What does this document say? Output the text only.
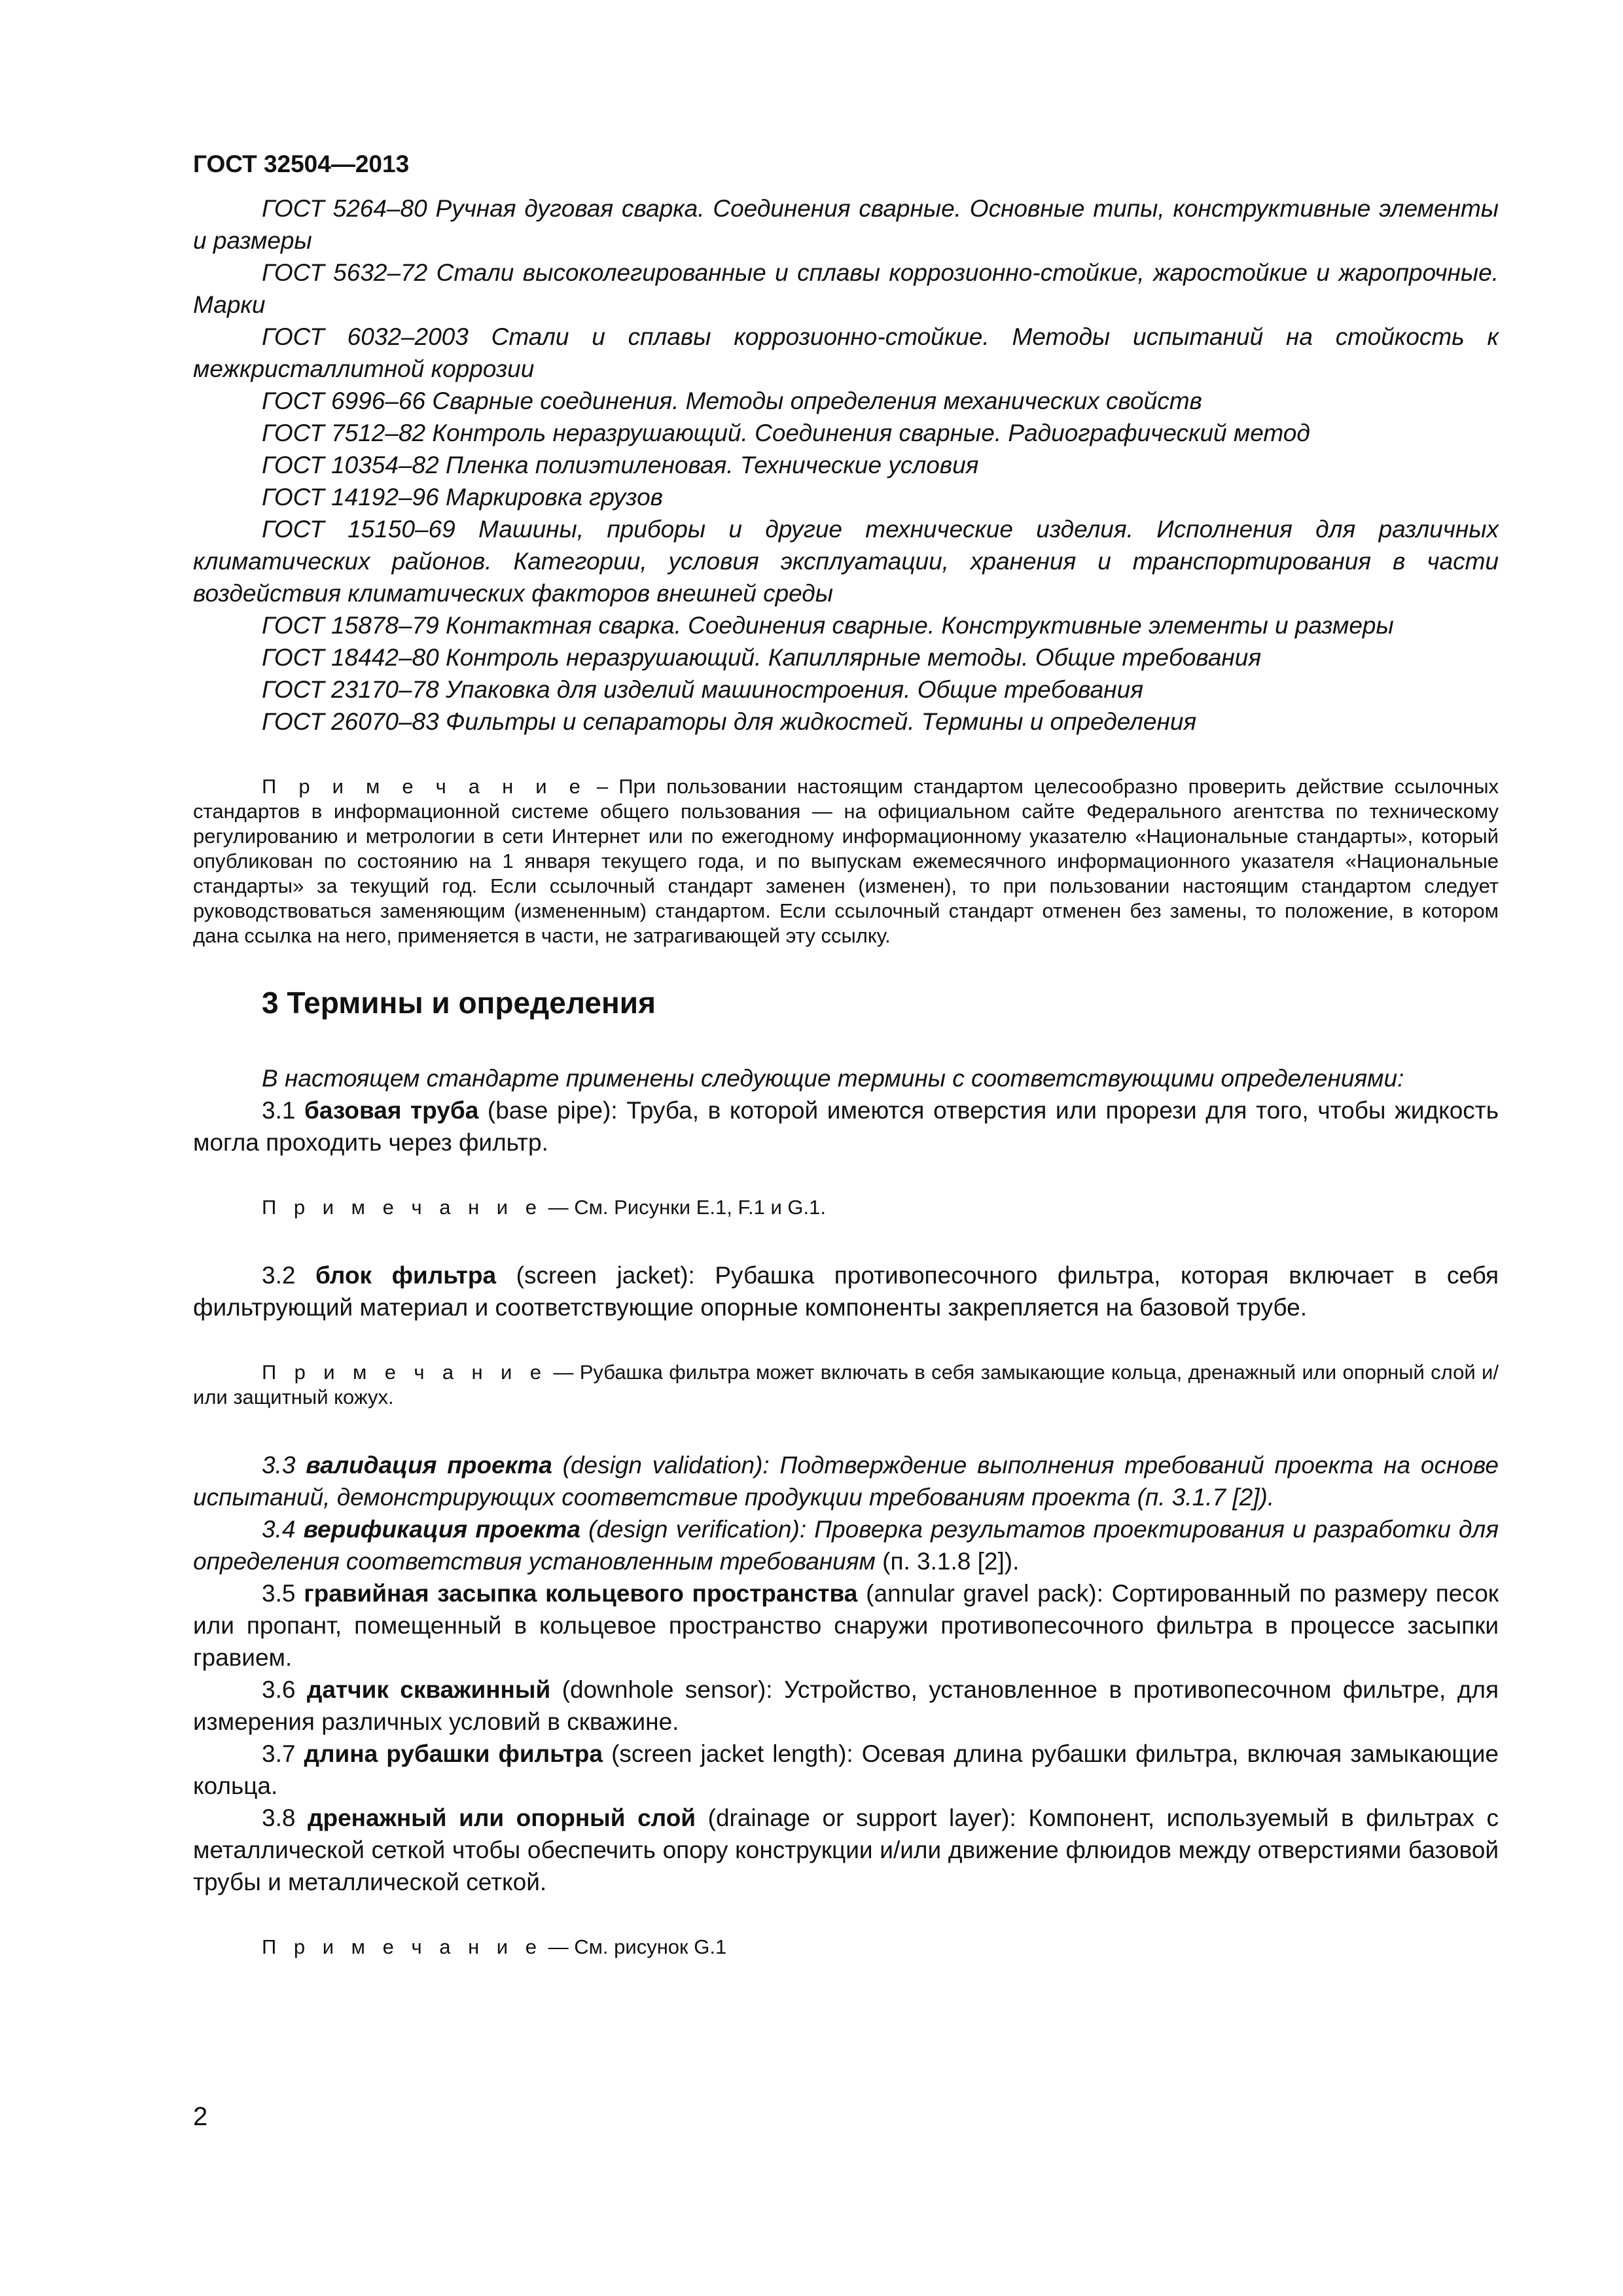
ГОСТ 32504—2013

ГОСТ 5264–80 Ручная дуговая сварка. Соединения сварные. Основные типы, конструктивные элементы и размеры

ГОСТ 5632–72 Стали высоколегированные и сплавы коррозионно-стойкие, жаростойкие и жаропрочные. Марки

ГОСТ 6032–2003 Стали и сплавы коррозионно-стойкие. Методы испытаний на стойкость к межкристаллитной коррозии

ГОСТ 6996–66 Сварные соединения. Методы определения механических свойств

ГОСТ 7512–82 Контроль неразрушающий. Соединения сварные. Радиографический метод

ГОСТ 10354–82 Пленка полиэтиленовая. Технические условия

ГОСТ 14192–96 Маркировка грузов

ГОСТ 15150–69 Машины, приборы и другие технические изделия. Исполнения для различных климатических районов. Категории, условия эксплуатации, хранения и транспортирования в части воздействия климатических факторов внешней среды

ГОСТ 15878–79 Контактная сварка. Соединения сварные. Конструктивные элементы и размеры

ГОСТ 18442–80 Контроль неразрушающий. Капиллярные методы. Общие требования

ГОСТ 23170–78 Упаковка для изделий машиностроения. Общие требования

ГОСТ 26070–83 Фильтры и сепараторы для жидкостей. Термины и определения

П р и м е ч а н и е – При пользовании настоящим стандартом целесообразно проверить действие ссылочных стандартов в информационной системе общего пользования — на официальном сайте Федерального агентства по техническому регулированию и метрологии в сети Интернет или по ежегодному информационному указателю «Национальные стандарты», который опубликован по состоянию на 1 января текущего года, и по выпускам ежемесячного информационного указателя «Национальные стандарты» за текущий год. Если ссылочный стандарт заменен (изменен), то при пользовании настоящим стандартом следует руководствоваться заменяющим (измененным) стандартом. Если ссылочный стандарт отменен без замены, то положение, в котором дана ссылка на него, применяется в части, не затрагивающей эту ссылку.

3 Термины и определения

В настоящем стандарте применены следующие термины с соответствующими определениями:

3.1 базовая труба (base pipe): Труба, в которой имеются отверстия или прорези для того, чтобы жидкость могла проходить через фильтр.

П р и м е ч а н и е — См. Рисунки E.1, F.1 и G.1.

3.2 блок фильтра (screen jacket): Рубашка противопесочного фильтра, которая включает в себя фильтрующий материал и соответствующие опорные компоненты закрепляется на базовой трубе.

П р и м е ч а н и е — Рубашка фильтра может включать в себя замыкающие кольца, дренажный или опорный слой и/или защитный кожух.

3.3 валидация проекта (design validation): Подтверждение выполнения требований проекта на основе испытаний, демонстрирующих соответствие продукции требованиям проекта (п. 3.1.7 [2]).

3.4 верификация проекта (design verification): Проверка результатов проектирования и разработки для определения соответствия установленным требованиям (п. 3.1.8 [2]).

3.5 гравийная засыпка кольцевого пространства (annular gravel pack): Сортированный по размеру песок или пропант, помещенный в кольцевое пространство снаружи противопесочного фильтра в процессе засыпки гравием.

3.6 датчик скважинный (downhole sensor): Устройство, установленное в противопесочном фильтре, для измерения различных условий в скважине.

3.7 длина рубашки фильтра (screen jacket length): Осевая длина рубашки фильтра, включая замыкающие кольца.

3.8 дренажный или опорный слой (drainage or support layer): Компонент, используемый в фильтрах с металлической сеткой чтобы обеспечить опору конструкции и/или движение флюидов между отверстиями базовой трубы и металлической сеткой.

П р и м е ч а н и е — См. рисунок G.1

2
